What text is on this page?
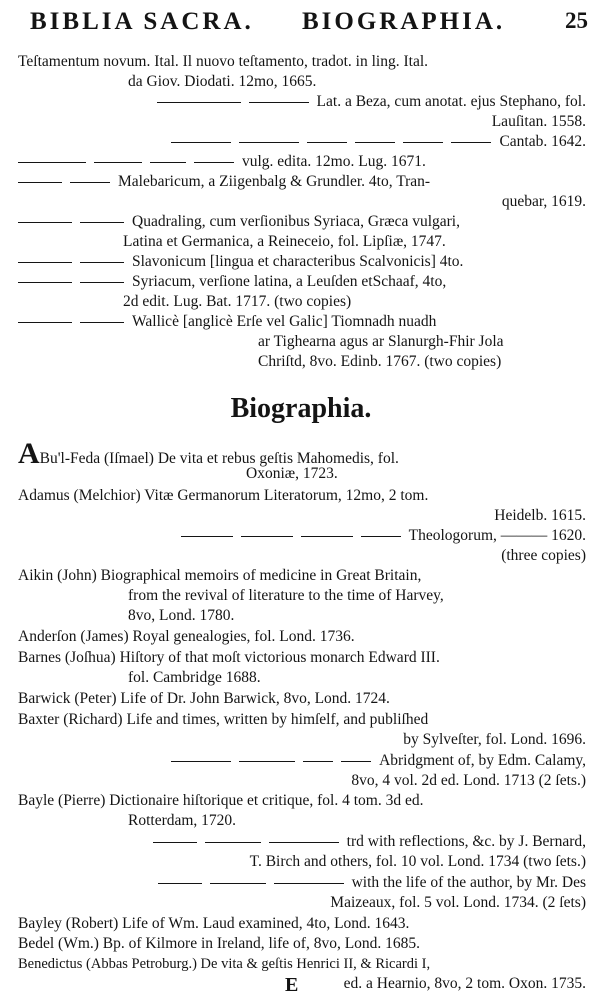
BIBLIA SACRA. BIOGRAPHIA.	25
Teſtamentum novum. Ital. Il nuovo teſtamento, tradot. in ling. Ital.
da Giov. Diodati. 12mo, 1665.
Lat. a Beza, cum anotat. ejus Stephano, fol.
Lauſitan. 1558.
Cantab. 1642.
vulg. edita. 12mo. Lug. 1671.
Malebaricum, a Ziigenbalg & Grundler. 4to, Tran-
quebar, 1619.
Quadraling, cum verſionibus Syriaca, Græca vulgari,
Latina et Germanica, a Reineceio, fol. Lipſiæ, 1747.
Slavonicum [lingua et characteribus Scalvonicis] 4to.
Syriacum, verſione latina, a Leuſden etSchaaf, 4to,
2d edit. Lug. Bat. 1717. (two copies)
Wallicè [anglicè Erſe vel Galic] Tiomnadh nuadh
ar Tighearna agus ar Slanurgh-Fhir Jola
Chriſtd, 8vo. Edinb. 1767. (two copies)
Biographia.
ABu'l-Feda (Iſmael) De vita et rebus geſtis Mahomedis, fol.
Oxoniæ, 1723.
Adamus (Melchior) Vitæ Germanorum Literatorum, 12mo, 2 tom.
Heidelb. 1615.
Theologorum, ——— 1620.
(three copies)
Aikin (John) Biographical memoirs of medicine in Great Britain,
from the revival of literature to the time of Harvey,
8vo, Lond. 1780.
Anderſon (James) Royal genealogies, fol. Lond. 1736.
Barnes (Joſhua) Hiſtory of that moſt victorious monarch Edward III.
fol. Cambridge 1688.
Barwick (Peter) Life of Dr. John Barwick, 8vo, Lond. 1724.
Baxter (Richard) Life and times, written by himſelf, and publiſhed
by Sylveſter, fol. Lond. 1696.
Abridgment of, by Edm. Calamy,
8vo, 4 vol. 2d ed. Lond. 1713 (2 ſets.)
Bayle (Pierre) Dictionaire hiſtorique et critique, fol. 4 tom. 3d ed.
Rotterdam, 1720.
trd with reflections, &c. by J. Bernard,
T. Birch and others, fol. 10 vol. Lond. 1734 (two ſets.)
with the life of the author, by Mr. Des
Maizeaux, fol. 5 vol. Lond. 1734. (2 ſets)
Bayley (Robert) Life of Wm. Laud examined, 4to, Lond. 1643.
Bedel (Wm.) Bp. of Kilmore in Ireland, life of, 8vo, Lond. 1685.
Benedictus (Abbas Petroburg.) De vita & geſtis Henrici II, & Ricardi I,
ed. a Hearnio, 8vo, 2 tom. Oxon. 1735.
E
